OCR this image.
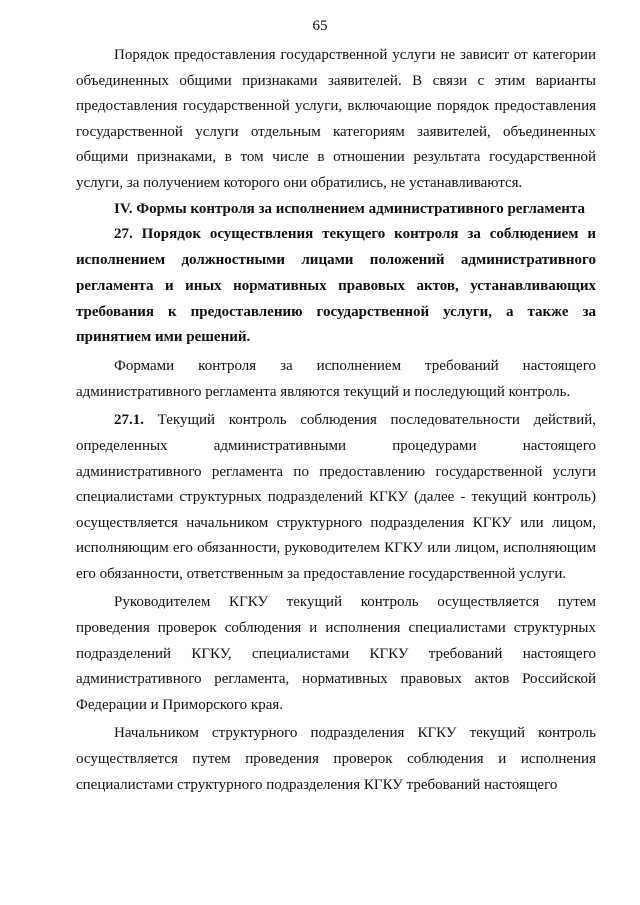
65

Порядок предоставления государственной услуги не зависит от категории объединенных общими признаками заявителей. В связи с этим варианты предоставления государственной услуги, включающие порядок предоставления государственной услуги отдельным категориям заявителей, объединенных общими признаками, в том числе в отношении результата государственной услуги, за получением которого они обратились, не устанавливаются.

IV. Формы контроля за исполнением административного регламента

27. Порядок осуществления текущего контроля за соблюдением и исполнением должностными лицами положений административного регламента и иных нормативных правовых актов, устанавливающих требования к предоставлению государственной услуги, а также за принятием ими решений.

Формами контроля за исполнением требований настоящего административного регламента являются текущий и последующий контроль.

27.1. Текущий контроль соблюдения последовательности действий, определенных административными процедурами настоящего административного регламента по предоставлению государственной услуги специалистами структурных подразделений КГКУ (далее - текущий контроль) осуществляется начальником структурного подразделения КГКУ или лицом, исполняющим его обязанности, руководителем КГКУ или лицом, исполняющим его обязанности, ответственным за предоставление государственной услуги.

Руководителем КГКУ текущий контроль осуществляется путем проведения проверок соблюдения и исполнения специалистами структурных подразделений КГКУ, специалистами КГКУ требований настоящего административного регламента, нормативных правовых актов Российской Федерации и Приморского края.

Начальником структурного подразделения КГКУ текущий контроль осуществляется путем проведения проверок соблюдения и исполнения специалистами структурного подразделения КГКУ требований настоящего
